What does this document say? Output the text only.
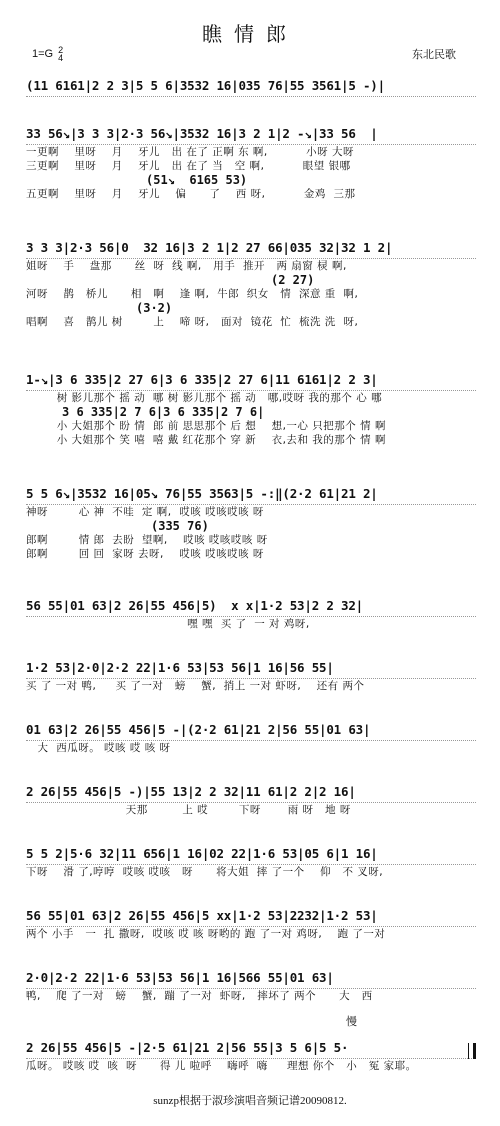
瞧情郎
1=G 2
4	东北民歌
(11 6161|2 2 3|5 5 6|3532 16|035 76|55 3561|5 -)|
33 56↘|3 3 3|2·3 56↘|3532 16|3 2 1|2 -↘|33 56  |
一更啊    里呀    月    牙儿   出 在了 正啊 东 啊,          小呀 大呀
三更啊    里呀    月    牙儿   出 在了 当   空 啊,          眼望 银哪
(51↘  6165 53)
五更啊    里呀    月    牙儿    偏      了    西 呀,          金鸡  三那
3 3 3|2·3 56|0  32 16|3 2 1|2 27 66|035 32|32 1 2|
姐呀    手    盘那      丝  呀  线 啊,   用手  推开   两 扇窗 棂 啊,
(2 27)
河呀    鹊   桥儿      相   啊    逢 啊,  牛郎  织女   情  深意 重  啊,
(3·2)
唱啊    喜   鹊儿 树        上    啼 呀,   面对  镜花  忙  梳洗 洗  呀,
1-↘|3 6 335|2 27 6|3 6 335|2 27 6|11 6161|2 2 3|
树 影儿那个 摇 动  哪 树 影儿那个 摇 动   哪,哎呀 我的那个 心 哪
3 6 335|2 7 6|3 6 335|2 7 6|
小 大姐那个 盼 情  郎 前 思思那个 后 想    想,一心 只把那个 情 啊
小 大姐那个 笑 嘻  嘻 戴 红花那个 穿 新    衣,去和 我的那个 情 啊
5 5 6↘|3532 16|05↘ 76|55 3563|5 -:‖(2·2 61|21 2|
神呀        心 神  不哇  定 啊,  哎咳 哎咳哎咳 呀
(335 76)
郎啊        情 郎  去盼  望啊,    哎咳 哎咳哎咳 呀
郎啊        回 回  家呀 去呀,    哎咳 哎咳哎咳 呀
56 55|01 63|2 26|55 456|5)  x x|1·2 53|2 2 32|
嘿 嘿  买 了  一 对 鸡呀,
1·2 53|2·0|2·2 22|1·6 53|53 56|1 16|56 55|
买 了 一对 鸭,     买 了一对   螃    蟹,  捎上 一对 虾呀,    还有 两个
01 63|2 26|55 456|5 -|(2·2 61|21 2|56 55|01 63|
大  西瓜呀。 哎咳 哎 咳 呀
2 26|55 456|5 -)|55 13|2 2 32|11 61|2 2|2 16|
天那         上 哎        下呀       雨 呀   地 呀
5 5 2|5·6 32|11 656|1 16|02 22|1·6 53|05 6|1 16|
下呀    滑 了,哼哼  哎咳 哎咳   呀      将大姐  摔 了一个    仰   不 叉呀,
56 55|01 63|2 26|55 456|5 xx|1·2 53|2232|1·2 53|
两个 小手   一  扎 撒呀,  哎咳 哎 咳 呀哟的 跑 了一对 鸡呀,    跑 了一对
2·0|2·2 22|1·6 53|53 56|1 16|566 55|01 63|
鸭,    爬 了一对   螃    蟹,  蹦 了一对  虾呀,   摔坏了 两个      大   西
慢
2 26|55 456|5 -|2·5 61|21 2|56 55|3 5 6|5 5·
瓜呀。 哎咳 哎  咳  呀      得 儿 啦呼    嗨呼  嗨     理想 你个   小   冤 家耶。
sunzp根据于淑珍演唱音频记谱20090812.
